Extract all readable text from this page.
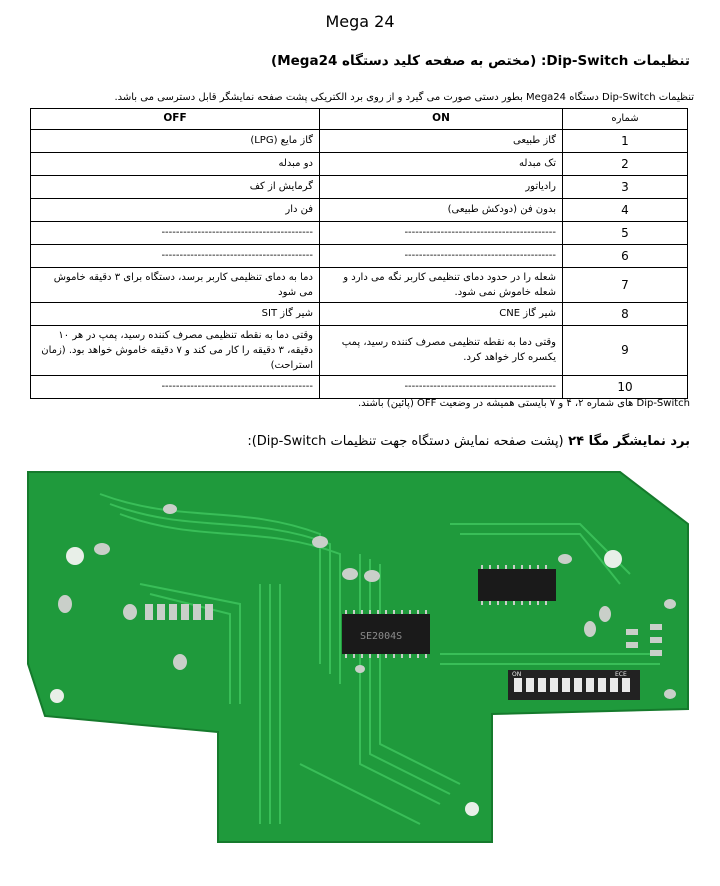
Mega 24
تنظیمات Dip-Switch: (مختص به صفحه کلید دستگاه Mega24)
تنظیمات Dip-Switch دستگاه Mega24 بطور دستی صورت می گیرد و از روی برد الکتریکی پشت صفحه نمایشگر قابل دسترسی می باشد.
شماره	ON	OFF
1	گاز طبیعی	گاز مایع (LPG)
2	تک مبدله	دو مبدله
3	رادیاتور	گرمایش از کف
4	بدون فن (دودکش طبیعی)	فن دار
5	------------------------------------------	------------------------------------------
6	------------------------------------------	------------------------------------------
7	شعله را در حدود دمای تنظیمی کاربر نگه می دارد و شعله خاموش نمی شود.	دما به دمای تنظیمی کاربر برسد، دستگاه برای ۳ دقیقه خاموش می شود
8	شیر گاز CNE	شیر گاز SIT
9	وقتی دما به نقطه تنظیمی مصرف کننده رسید، پمپ یکسره کار خواهد کرد.	وقتی دما به نقطه تنظیمی مصرف کننده رسید، پمپ در هر ۱۰ دقیقه، ۳ دقیقه را کار می کند و ۷ دقیقه خاموش خواهد بود. (زمان استراحت)
10	------------------------------------------	------------------------------------------
Dip-Switch های شماره ۲، ۴ و ۷ بایستی همیشه در وضعیت OFF (پائین) باشند.
برد نمایشگر مگا ۲۴ (پشت صفحه نمایش دستگاه جهت تنظیمات Dip-Switch):
SE2004S
ON	ECE
